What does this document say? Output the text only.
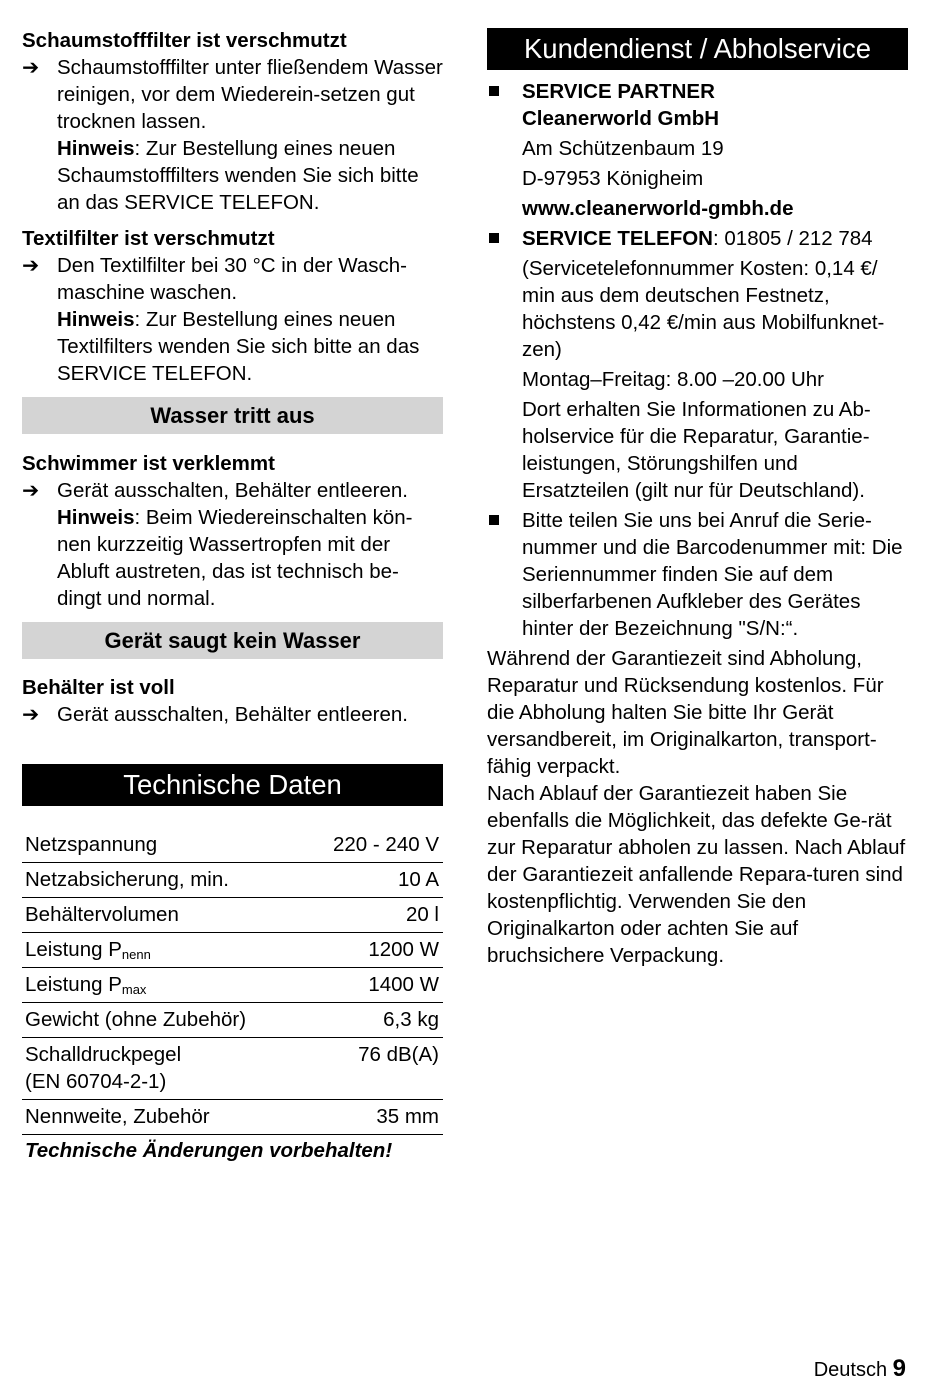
Schaumstofffilter ist verschmutzt

➔ Schaumstofffilter unter fließendem Wasser reinigen, vor dem Wiederein-setzen gut trocknen lassen.
Hinweis: Zur Bestellung eines neuen Schaumstofffilters wenden Sie sich bitte an das SERVICE TELEFON.

Textilfilter ist verschmutzt

➔ Den Textilfilter bei 30 °C in der Wasch-maschine waschen.
Hinweis: Zur Bestellung eines neuen Textilfilters wenden Sie sich bitte an das SERVICE TELEFON.
Wasser tritt aus

Schwimmer ist verklemmt

➔ Gerät ausschalten, Behälter entleeren.
Hinweis: Beim Wiedereinschalten kön-nen kurzzeitig Wassertropfen mit der Abluft austreten, das ist technisch be-dingt und normal.
Gerät saugt kein Wasser

Behälter ist voll

➔ Gerät ausschalten, Behälter entleeren.
Technische Daten
Netzspannung	220 - 240 V
Netzabsicherung, min.	10 A
Behältervolumen	20 l
Leistung $P_{nenn}$	1200 W
Leistung $P_{max}$	1400 W
Gewicht (ohne Zubehör)	6,3 kg
Schalldruckpegel
(EN 60704-2-1)	76 dB(A)
Nennweite, Zubehör	35 mm
Technische Änderungen vorbehalten!
Kundendienst / Abholservice
SERVICE PARTNER
Cleanerworld GmbH
Am Schützenbaum 19
D-97953 Königheim
www.cleanerworld-gmbh.de
SERVICE TELEFON: 01805 / 212 784
(Servicetelefonnummer Kosten: 0,14 €/ min aus dem deutschen Festnetz, höchstens 0,42 €/min aus Mobilfunknet-zen)
Montag–Freitag: 8.00 –20.00 Uhr
Dort erhalten Sie Informationen zu Ab-holservice für die Reparatur, Garantie-leistungen, Störungshilfen und Ersatzteilen (gilt nur für Deutschland).
Bitte teilen Sie uns bei Anruf die Serie-nummer und die Barcodenummer mit: Die Seriennummer finden Sie auf dem silberfarbenen Aufkleber des Gerätes hinter der Bezeichnung "S/N:“.
Während der Garantiezeit sind Abholung, Reparatur und Rücksendung kostenlos. Für die Abholung halten Sie bitte Ihr Gerät versandbereit, im Originalkarton, transport-fähig verpackt.
Nach Ablauf der Garantiezeit haben Sie ebenfalls die Möglichkeit, das defekte Ge-rät zur Reparatur abholen zu lassen. Nach Ablauf der Garantiezeit anfallende Repara-turen sind kostenpflichtig. Verwenden Sie den Originalkarton oder achten Sie auf bruchsichere Verpackung.
Deutsch 9
